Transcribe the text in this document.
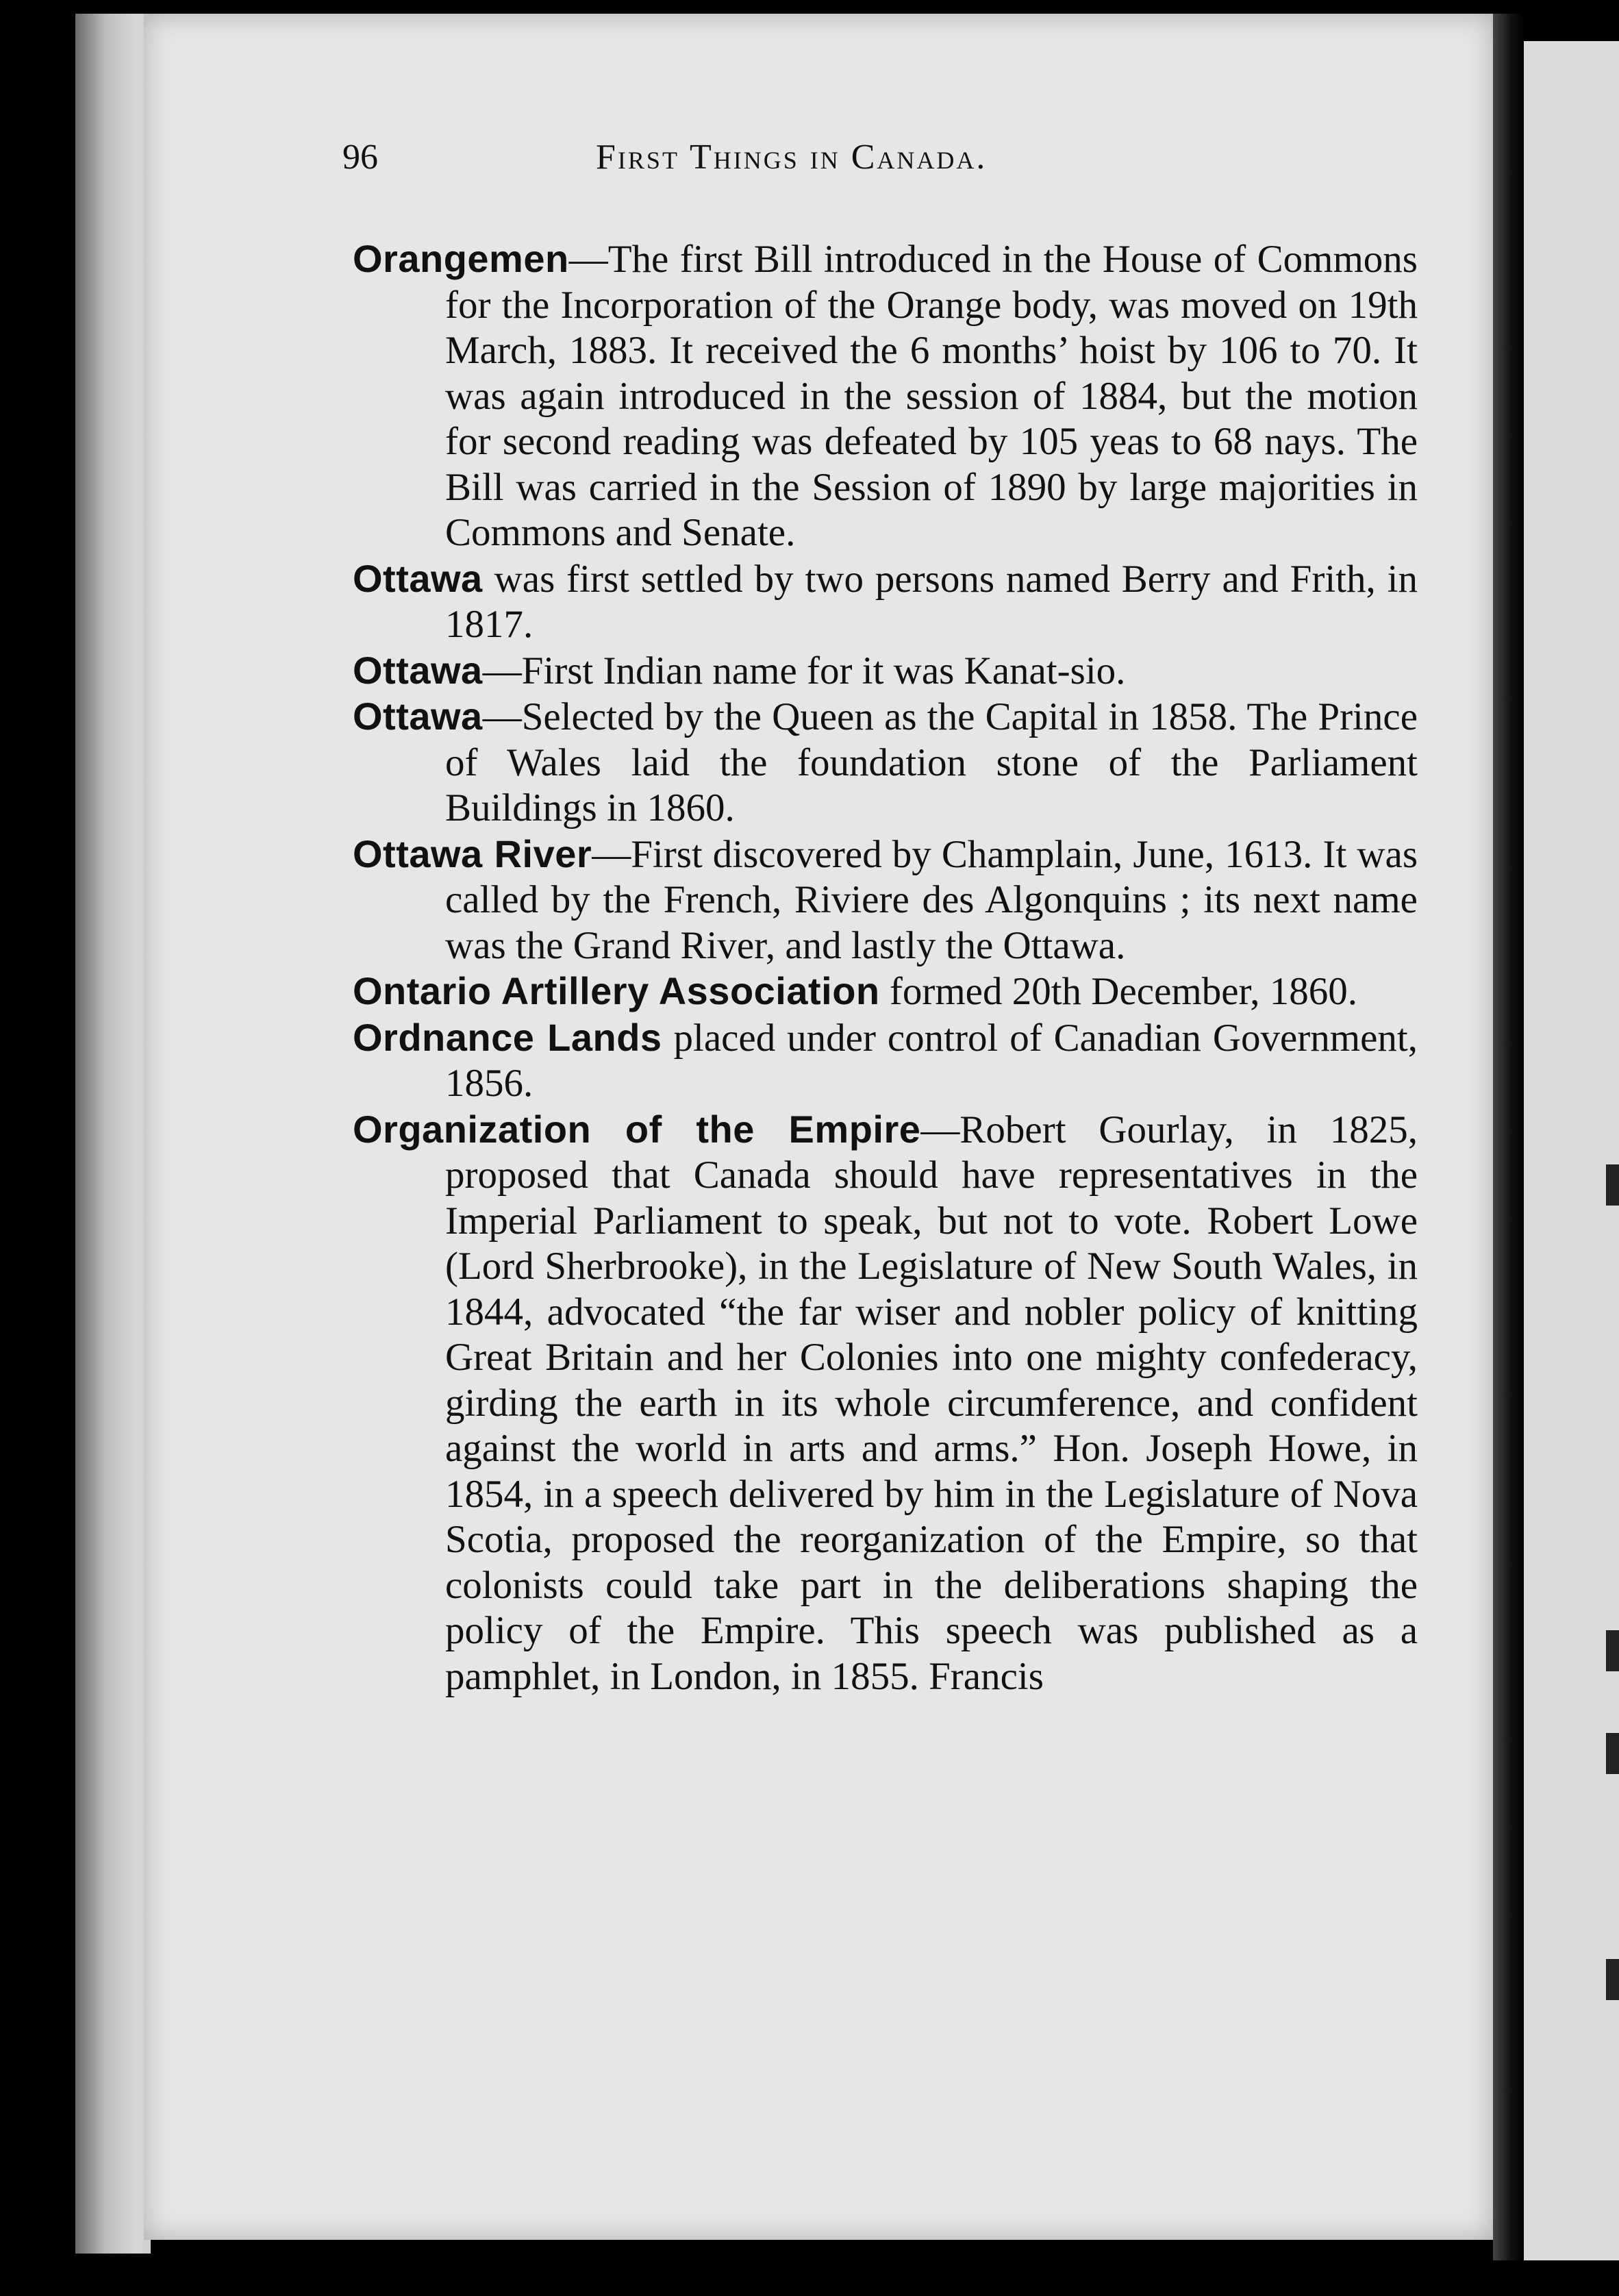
96	First Things in Canada.

Orangemen—The first Bill introduced in the House of Commons for the Incorporation of the Orange body, was moved on 19th March, 1883. It received the 6 months’ hoist by 106 to 70. It was again introduced in the session of 1884, but the motion for second reading was defeated by 105 yeas to 68 nays. The Bill was carried in the Session of 1890 by large majorities in Commons and Senate.

Ottawa was first settled by two persons named Berry and Frith, in 1817.

Ottawa—First Indian name for it was Kanat-sio.

Ottawa—Selected by the Queen as the Capital in 1858. The Prince of Wales laid the foundation stone of the Parliament Buildings in 1860.

Ottawa River—First discovered by Champlain, June, 1613. It was called by the French, Riviere des Algonquins ; its next name was the Grand River, and lastly the Ottawa.

Ontario Artillery Association formed 20th December, 1860.

Ordnance Lands placed under control of Canadian Government, 1856.

Organization of the Empire—Robert Gourlay, in 1825, proposed that Canada should have representatives in the Imperial Parliament to speak, but not to vote. Robert Lowe (Lord Sherbrooke), in the Legislature of New South Wales, in 1844, advocated “the far wiser and nobler policy of knitting Great Britain and her Colonies into one mighty confederacy, girding the earth in its whole circumference, and confident against the world in arts and arms.” Hon. Joseph Howe, in 1854, in a speech delivered by him in the Legislature of Nova Scotia, proposed the reorganization of the Empire, so that colonists could take part in the deliberations shaping the policy of the Empire. This speech was published as a pamphlet, in London, in 1855. Francis
